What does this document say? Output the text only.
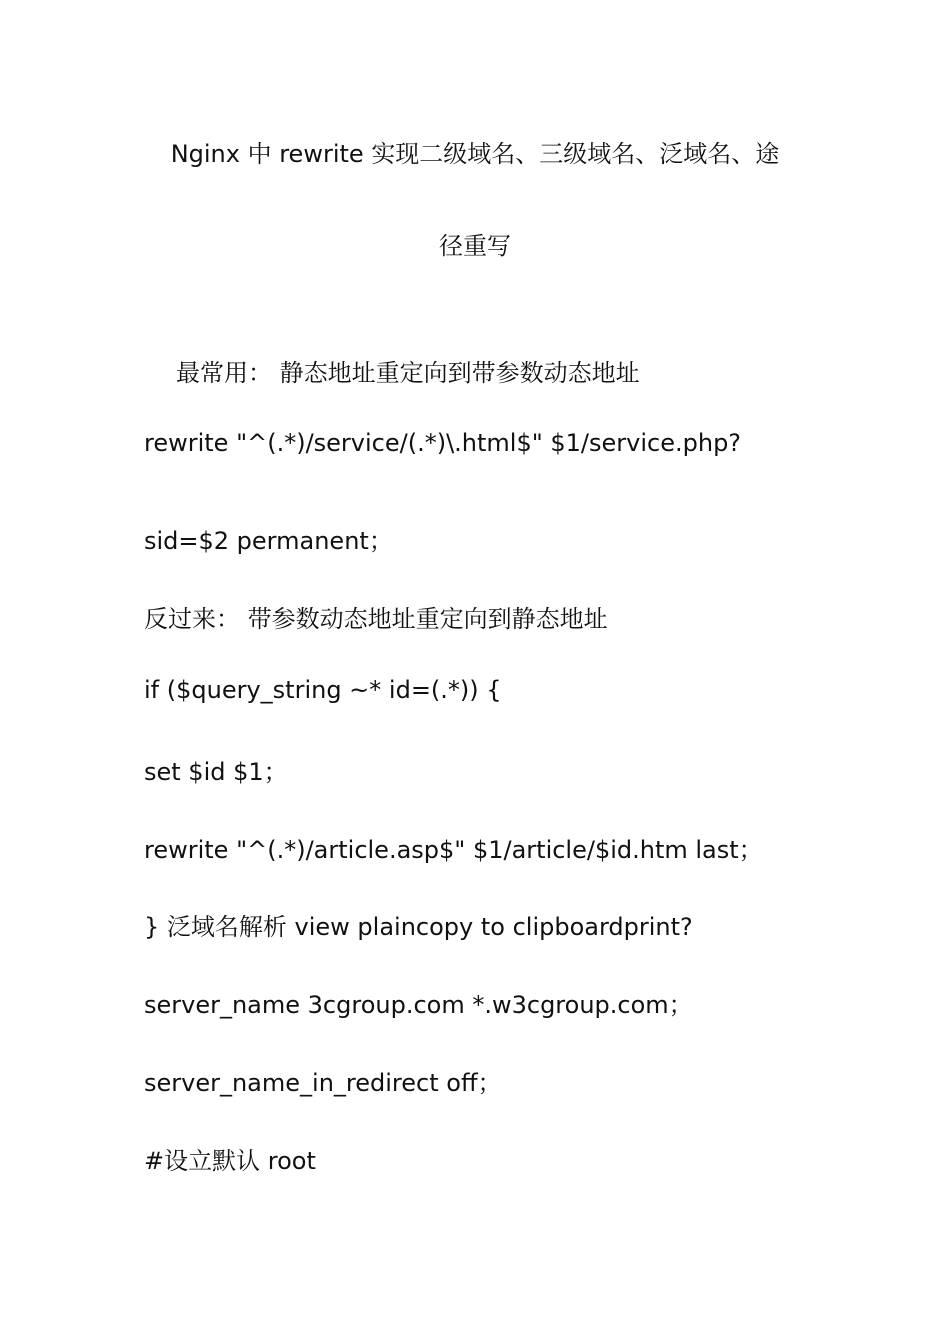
Nginx 中 rewrite 实现二级域名、三级域名、泛域名、途
径重写
最常用： 静态地址重定向到带参数动态地址
rewrite "^(.*)/service/(.*)\.html$" $1/service.php?
sid=$2 permanent；
反过来： 带参数动态地址重定向到静态地址
if ($query_string ~* id=(.*)) {
set $id $1；
rewrite "^(.*)/article.asp$" $1/article/$id.htm last；
} 泛域名解析 view plaincopy to clipboardprint?
server_name 3cgroup.com *.w3cgroup.com；
server_name_in_redirect off；
#设立默认 root
